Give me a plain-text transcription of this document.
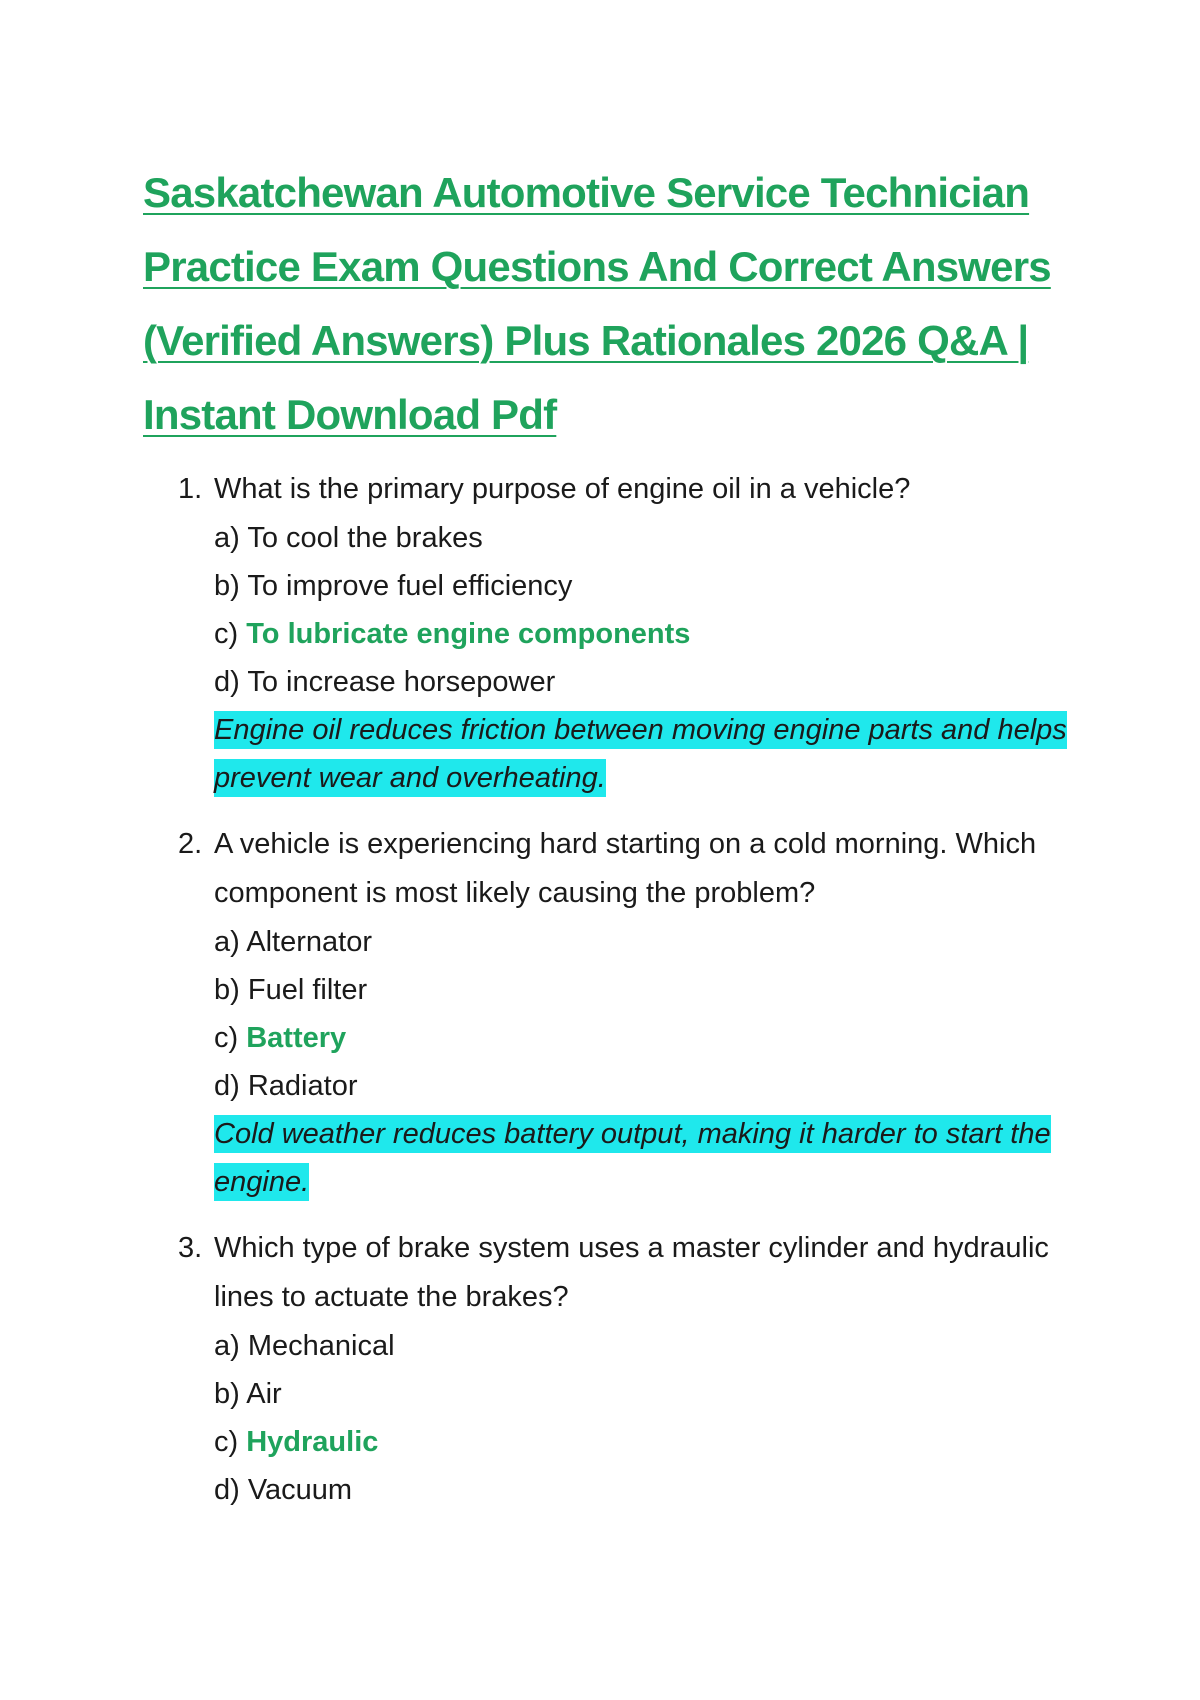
Saskatchewan Automotive Service Technician Practice Exam Questions And Correct Answers (Verified Answers) Plus Rationales 2026 Q&A | Instant Download Pdf
1. What is the primary purpose of engine oil in a vehicle?

a) To cool the brakes

b) To improve fuel efficiency

c) To lubricate engine components

d) To increase horsepower

Engine oil reduces friction between moving engine parts and helps prevent wear and overheating.

2. A vehicle is experiencing hard starting on a cold morning. Which component is most likely causing the problem?

a) Alternator

b) Fuel filter

c) Battery

d) Radiator

Cold weather reduces battery output, making it harder to start the engine.

3. Which type of brake system uses a master cylinder and hydraulic lines to actuate the brakes?

a) Mechanical

b) Air

c) Hydraulic

d) Vacuum
